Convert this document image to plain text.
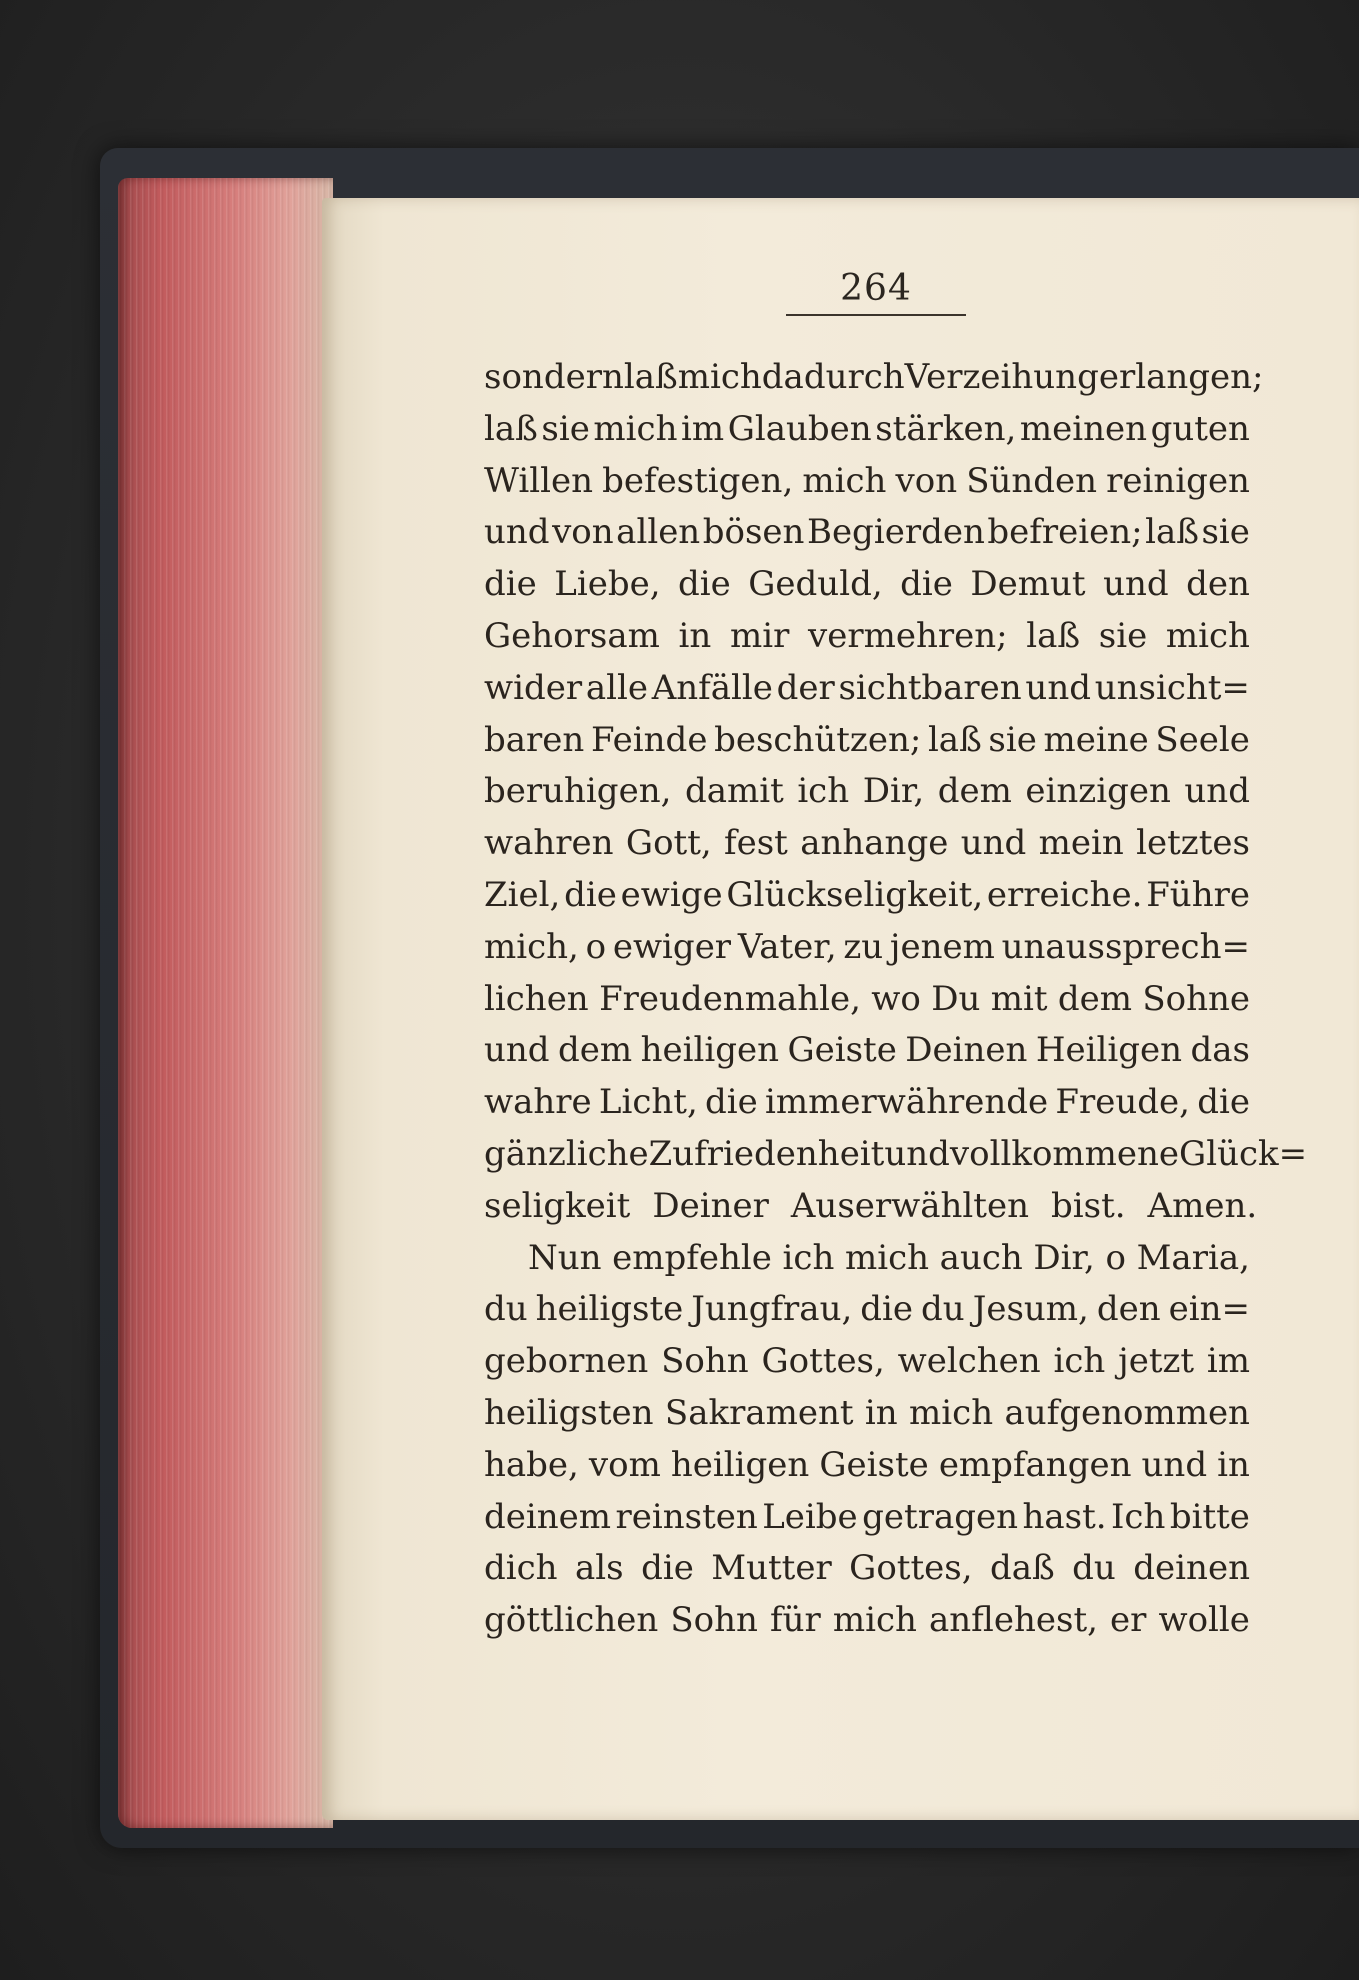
264
sondern laß mich dadurch Verzeihung erlangen;
laß sie mich im Glauben stärken, meinen guten
Willen befestigen, mich von Sünden reinigen
und von allen bösen Begierden befreien; laß sie
die Liebe, die Geduld, die Demut und den
Gehorsam in mir vermehren; laß sie mich
wider alle Anfälle der sichtbaren und unsicht=
baren Feinde beschützen; laß sie meine Seele
beruhigen, damit ich Dir, dem einzigen und
wahren Gott, fest anhange und mein letztes
Ziel, die ewige Glückseligkeit, erreiche. Führe
mich, o ewiger Vater, zu jenem unaussprech=
lichen Freudenmahle, wo Du mit dem Sohne
und dem heiligen Geiste Deinen Heiligen das
wahre Licht, die immerwährende Freude, die
gänzliche Zufriedenheit und vollkommene Glück=
seligkeit Deiner Auserwählten bist. Amen.
Nun empfehle ich mich auch Dir, o Maria,
du heiligste Jungfrau, die du Jesum, den ein=
gebornen Sohn Gottes, welchen ich jetzt im
heiligsten Sakrament in mich aufgenommen
habe, vom heiligen Geiste empfangen und in
deinem reinsten Leibe getragen hast. Ich bitte
dich als die Mutter Gottes, daß du deinen
göttlichen Sohn für mich anflehest, er wolle
